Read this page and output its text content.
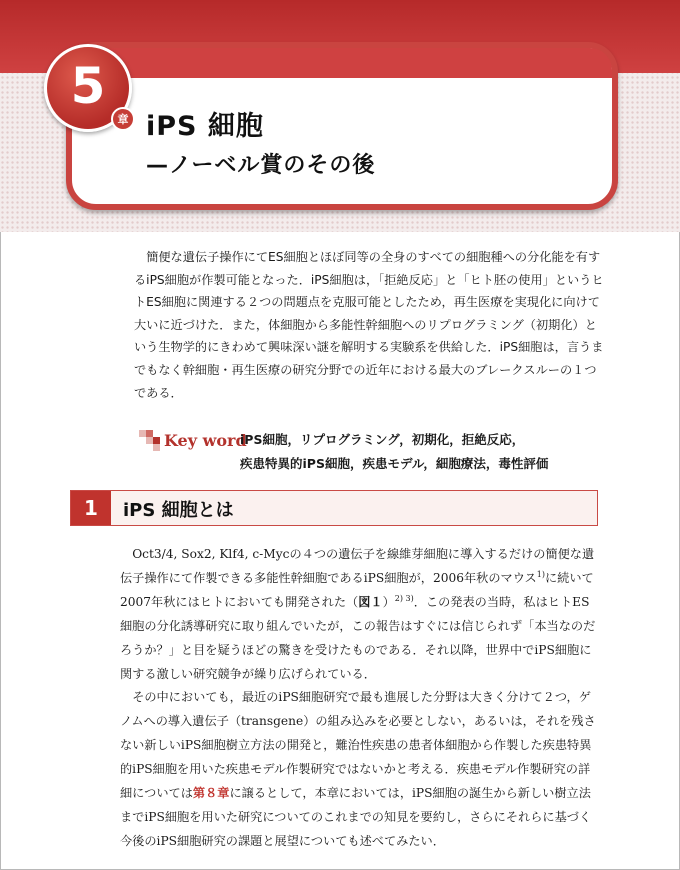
5
章 iPS 細胞
—ノーベル賞のその後

簡便な遺伝子操作にてES細胞とほぼ同等の全身のすべての細胞種への分化能を有するiPS細胞が作製可能となった．iPS細胞は，「拒絶反応」と「ヒト胚の使用」というヒトES細胞に関連する２つの問題点を克服可能としたため，再生医療を実現化に向けて大いに近づけた．また，体細胞から多能性幹細胞へのリプログラミング（初期化）という生物学的にきわめて興味深い謎を解明する実験系を供給した．iPS細胞は，言うまでもなく幹細胞・再生医療の研究分野での近年における最大のブレークスルーの１つである．

Key word
iPS細胞，リプログラミング，初期化，拒絶反応，
疾患特異的iPS細胞，疾患モデル，細胞療法，毒性評価
1	iPS 細胞とは

Oct3/4, Sox2, Klf4, c-Mycの４つの遺伝子を線維芽細胞に導入するだけの簡便な遺伝子操作にて作製できる多能性幹細胞であるiPS細胞が，2006年秋のマウス$^{1)}$に続いて2007年秋にはヒトにおいても開発された（図１）$^{2) 3)}$．この発表の当時，私はヒトES細胞の分化誘導研究に取り組んでいたが，この報告はすぐには信じられず「本当なのだろうか？」と目を疑うほどの驚きを受けたものである．それ以降，世界中でiPS細胞に関する激しい研究競争が繰り広げられている．

その中においても，最近のiPS細胞研究で最も進展した分野は大きく分けて２つ，ゲノムへの導入遺伝子（transgene）の組み込みを必要としない，あるいは，それを残さない新しいiPS細胞樹立方法の開発と，難治性疾患の患者体細胞から作製した疾患特異的iPS細胞を用いた疾患モデル作製研究ではないかと考える．疾患モデル作製研究の詳細については第８章に譲るとして，本章においては，iPS細胞の誕生から新しい樹立法までiPS細胞を用いた研究についてのこれまでの知見を要約し，さらにそれらに基づく今後のiPS細胞研究の課題と展望についても述べてみたい．
